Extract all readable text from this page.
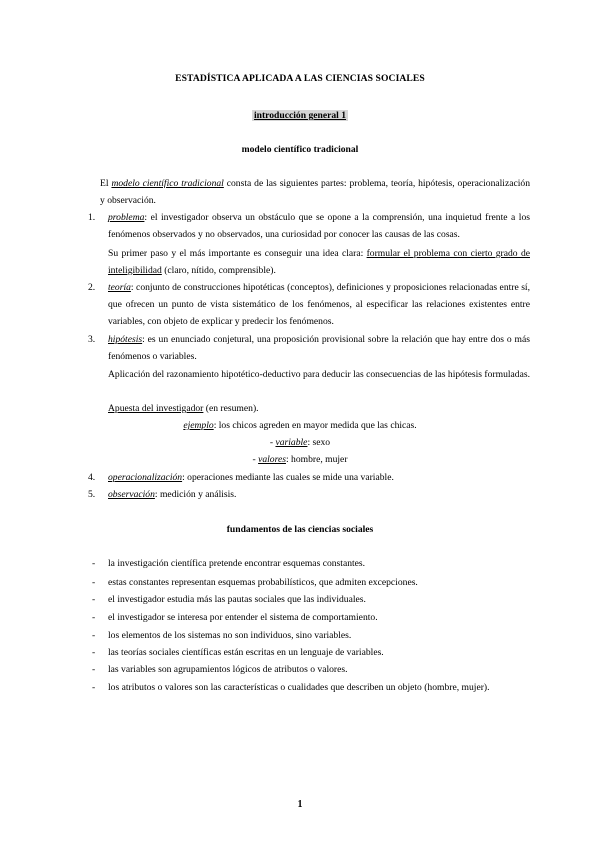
ESTADÍSTICA APLICADA A LAS CIENCIAS SOCIALES
introducción general 1
modelo científico tradicional
El modelo científico tradicional consta de las siguientes partes: problema, teoría, hipótesis, operacionalización y observación.
1. problema: el investigador observa un obstáculo que se opone a la comprensión, una inquietud frente a los fenómenos observados y no observados, una curiosidad por conocer las causas de las cosas.
Su primer paso y el más importante es conseguir una idea clara: formular el problema con cierto grado de inteligibilidad (claro, nítido, comprensible).
2. teoría: conjunto de construcciones hipotéticas (conceptos), definiciones y proposiciones relacionadas entre sí, que ofrecen un punto de vista sistemático de los fenómenos, al especificar las relaciones existentes entre variables, con objeto de explicar y predecir los fenómenos.
3. hipótesis: es un enunciado conjetural, una proposición provisional sobre la relación que hay entre dos o más fenómenos o variables.
Aplicación del razonamiento hipotético-deductivo para deducir las consecuencias de las hipótesis formuladas.
Apuesta del investigador (en resumen).
ejemplo: los chicos agreden en mayor medida que las chicas.
- variable: sexo
- valores: hombre, mujer
4. operacionalización: operaciones mediante las cuales se mide una variable.
5. observación: medición y análisis.
fundamentos de las ciencias sociales
- la investigación científica pretende encontrar esquemas constantes.
- estas constantes representan esquemas probabilísticos, que admiten excepciones.
- el investigador estudia más las pautas sociales que las individuales.
- el investigador se interesa por entender el sistema de comportamiento.
- los elementos de los sistemas no son individuos, sino variables.
- las teorías sociales científicas están escritas en un lenguaje de variables.
- las variables son agrupamientos lógicos de atributos o valores.
- los atributos o valores son las características o cualidades que describen un objeto (hombre, mujer).
1
